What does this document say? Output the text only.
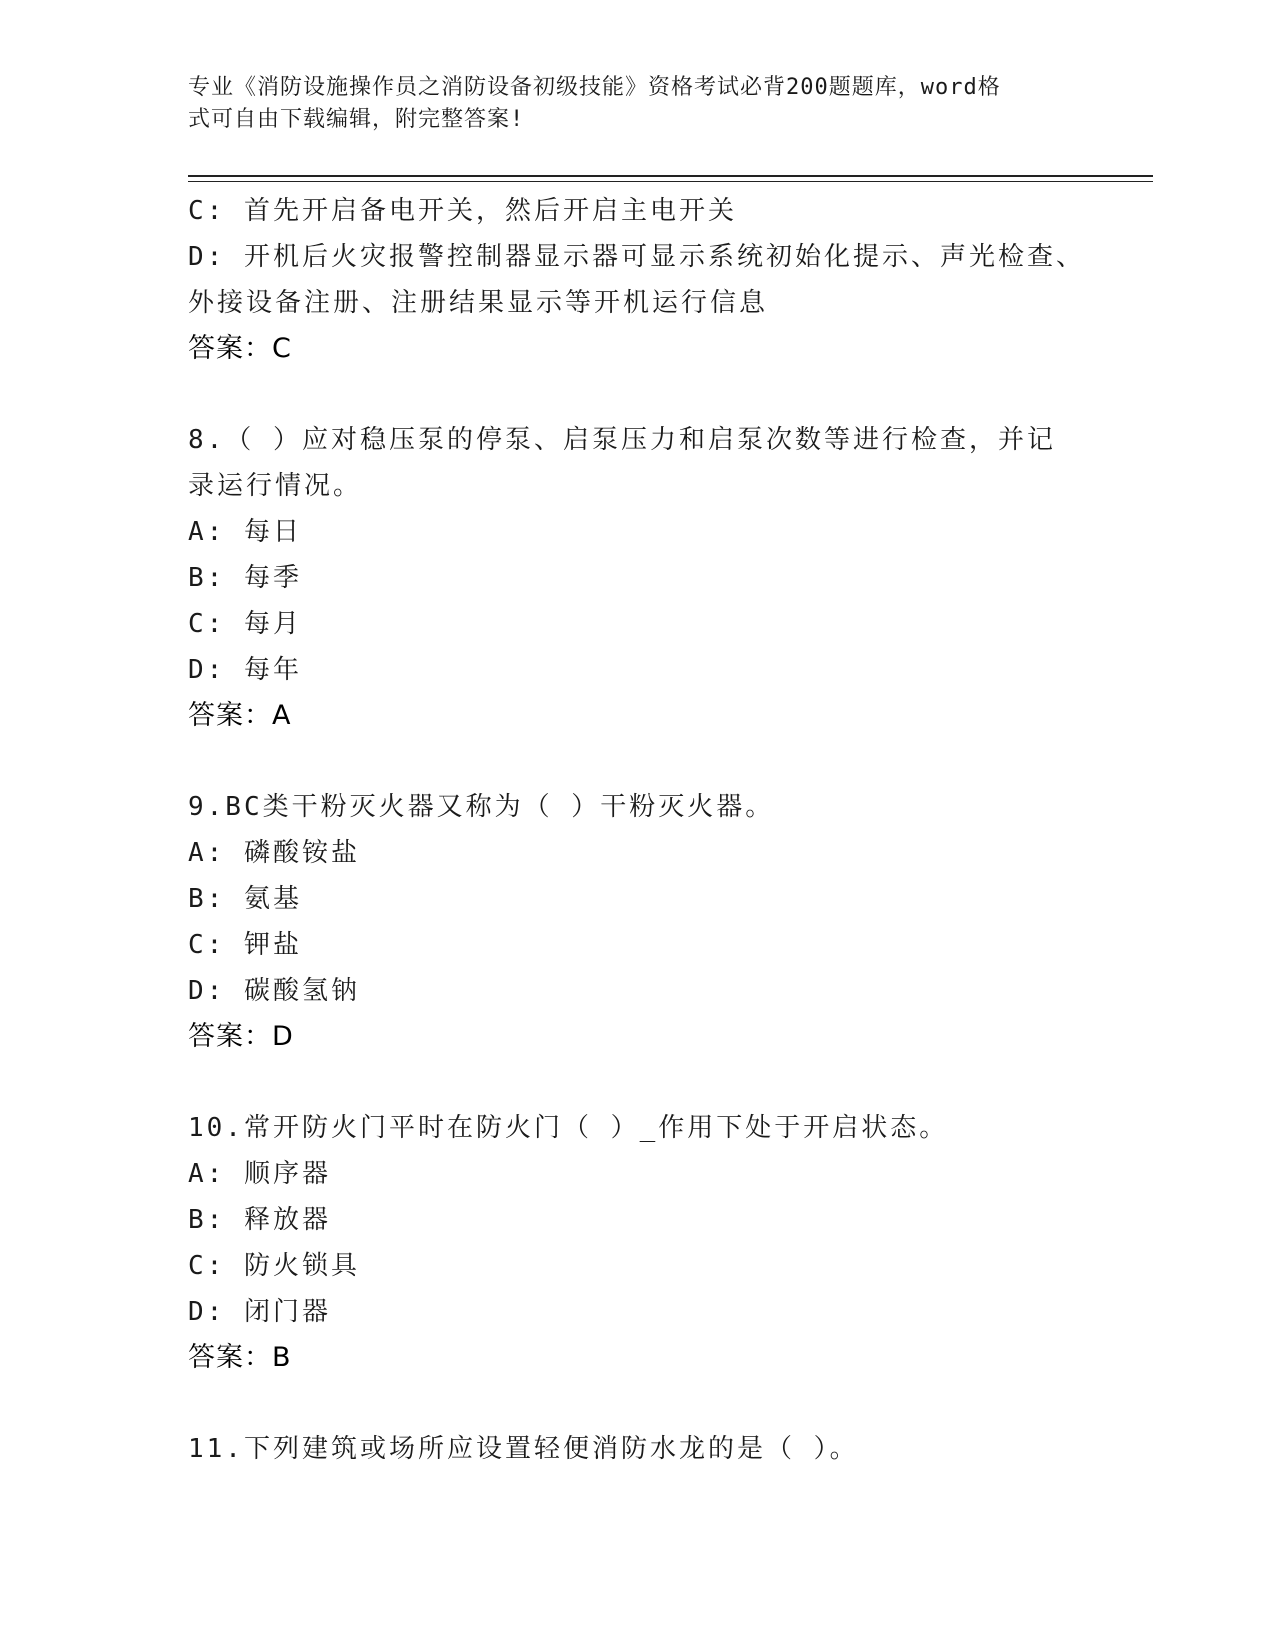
专业《消防设施操作员之消防设备初级技能》资格考试必背200题题库，word格
式可自由下载编辑，附完整答案!
C: 首先开启备电开关，然后开启主电开关
D: 开机后火灾报警控制器显示器可显示系统初始化提示、声光检查、
外接设备注册、注册结果显示等开机运行信息
答案：C
8.（ ）应对稳压泵的停泵、启泵压力和启泵次数等进行检查，并记
录运行情况。
A: 每日
B: 每季
C: 每月
D: 每年
答案：A
9.BC类干粉灭火器又称为（ ）干粉灭火器。
A: 磷酸铵盐
B: 氨基
C: 钾盐
D: 碳酸氢钠
答案：D
10.常开防火门平时在防火门（ ）_作用下处于开启状态。
A: 顺序器
B: 释放器
C: 防火锁具
D: 闭门器
答案：B
11.下列建筑或场所应设置轻便消防水龙的是（ ）。
